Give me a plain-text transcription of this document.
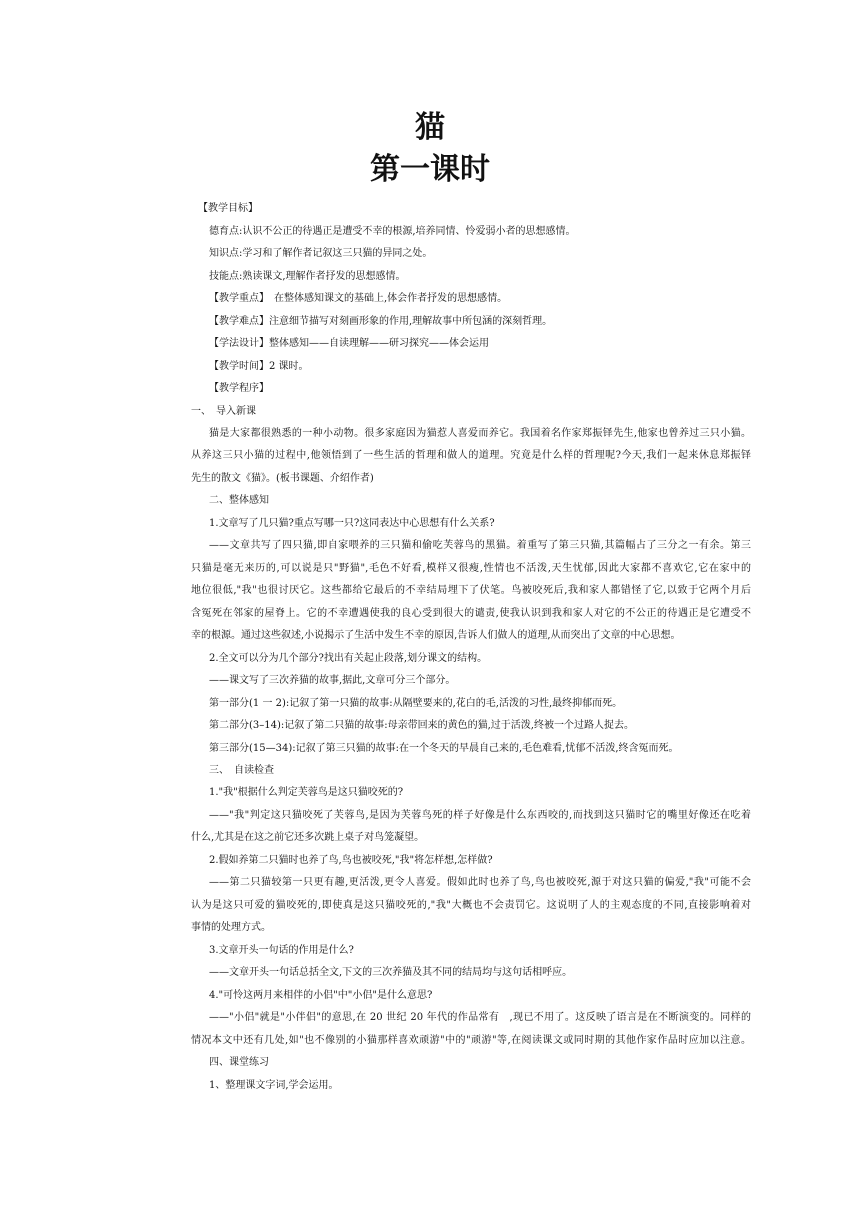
猫
第一课时

【教学目标】

德育点:认识不公正的待遇正是遭受不幸的根源,培养同情、怜爱弱小者的思想感情。

知识点:学习和了解作者记叙这三只猫的异同之处。

技能点:熟读课文,理解作者抒发的思想感情。

【教学重点】　在整体感知课文的基础上,体会作者抒发的思想感情。

【教学难点】注意细节描写对刻画形象的作用,理解故事中所包涵的深刻哲理。

【学法设计】整体感知——自读理解——研习探究——体会运用

【教学时间】2 课时。

【教学程序】

一、　导入新课

猫是大家都很熟悉的一种小动物。很多家庭因为猫惹人喜爱而养它。我国着名作家郑振铎先生,他家也曾养过三只小猫。

从养这三只小猫的过程中,他领悟到了一些生活的哲理和做人的道理。究竟是什么样的哲理呢?今天,我们一起来休息郑振铎

先生的散文《猫》。(板书课题、介绍作者)

二、整体感知

1.文章写了几只猫?重点写哪一只?这同表达中心思想有什么关系?

——文章共写了四只猫,即自家喂养的三只猫和偷吃芙蓉鸟的黑猫。着重写了第三只猫,其篇幅占了三分之一有余。第三

只猫是毫无来历的,可以说是只"野猫",毛色不好看,模样又很瘦,性情也不活泼,天生忧郁,因此大家都不喜欢它,它在家中的

地位很低,"我"也很讨厌它。这些都给它最后的不幸结局埋下了伏笔。鸟被咬死后,我和家人都错怪了它,以致于它两个月后

含冤死在邻家的屋脊上。它的不幸遭遇使我的良心受到很大的谴责,使我认识到我和家人对它的不公正的待遇正是它遭受不

幸的根源。通过这些叙述,小说揭示了生活中发生不幸的原因,告诉人们做人的道理,从而突出了文章的中心思想。

2.全文可以分为几个部分?找出有关起止段落,划分课文的结构。

——课文写了三次养猫的故事,据此,文章可分三个部分。

第一部分(1 一 2):记叙了第一只猫的故事:从隔壁要来的,花白的毛,活泼的习性,最终抑郁而死。

第二部分(3–14):记叙了第二只猫的故事:母亲带回来的黄色的猫,过于活泼,终被一个过路人捉去。

第三部分(15—34):记叙了第三只猫的故事:在一个冬天的早晨自己来的,毛色难看,忧郁不活泼,终含冤而死。

三、　自读检查

1."我"根据什么判定芙蓉鸟是这只猫咬死的?

——"我"判定这只猫咬死了芙蓉鸟,是因为芙蓉鸟死的样子好像是什么东西咬的,而找到这只猫时它的嘴里好像还在吃着

什么,尤其是在这之前它还多次跳上桌子对鸟笼凝望。

2.假如养第二只猫时也养了鸟,鸟也被咬死,"我"将怎样想,怎样做?

——第二只猫较第一只更有趣,更活泼,更令人喜爱。假如此时也养了鸟,鸟也被咬死,源于对这只猫的偏爱,"我"可能不会

认为是这只可爱的猫咬死的,即使真是这只猫咬死的,"我"大概也不会责罚它。这说明了人的主观态度的不同,直接影响着对

事情的处理方式。

3.文章开头一句话的作用是什么?

——文章开头一句话总括全文,下文的三次养猫及其不同的结局均与这句话相呼应。

4."可怜这两月来相伴的小侣"中"小侣"是什么意思?

——"小侣"就是"小伴侣"的意思,在 20 世纪 20 年代的作品常有　,现已不用了。这反映了语言是在不断演变的。同样的

情况本文中还有几处,如"也不像别的小猫那样喜欢顽游"中的"顽游"等,在阅读课文或同时期的其他作家作品时应加以注意。

四、课堂练习

1、整理课文字词,学会运用。
